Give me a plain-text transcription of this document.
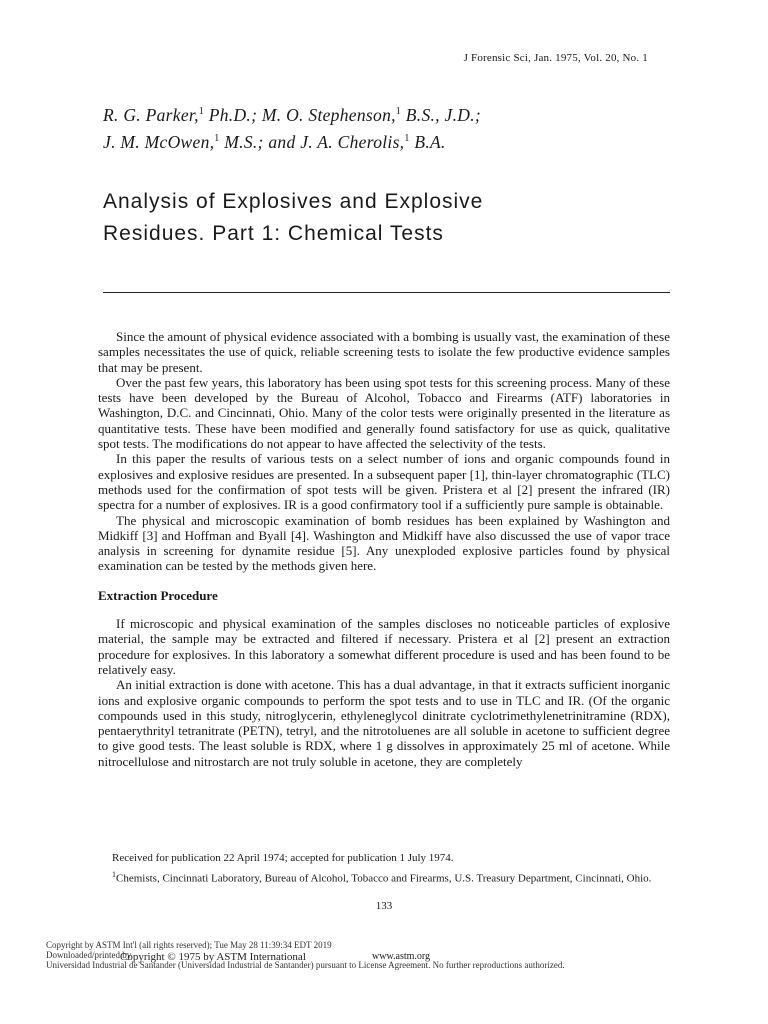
J Forensic Sci, Jan. 1975, Vol. 20, No. 1
R. G. Parker,$^1$ Ph.D.; M. O. Stephenson,$^1$ B.S., J.D.;
J. M. McOwen,$^1$ M.S.; and J. A. Cherolis,$^1$ B.A.
Analysis of Explosives and Explosive
Residues. Part 1: Chemical Tests

Since the amount of physical evidence associated with a bombing is usually vast, the examination of these samples necessitates the use of quick, reliable screening tests to isolate the few productive evidence samples that may be present.

Over the past few years, this laboratory has been using spot tests for this screening process. Many of these tests have been developed by the Bureau of Alcohol, Tobacco and Firearms (ATF) laboratories in Washington, D.C. and Cincinnati, Ohio. Many of the color tests were originally presented in the literature as quantitative tests. These have been modified and generally found satisfactory for use as quick, qualitative spot tests. The modifications do not appear to have affected the selectivity of the tests.

In this paper the results of various tests on a select number of ions and organic compounds found in explosives and explosive residues are presented. In a subsequent paper [1], thin-layer chromatographic (TLC) methods used for the confirmation of spot tests will be given. Pristera et al [2] present the infrared (IR) spectra for a number of explosives. IR is a good confirmatory tool if a sufficiently pure sample is obtainable.

The physical and microscopic examination of bomb residues has been explained by Washington and Midkiff [3] and Hoffman and Byall [4]. Washington and Midkiff have also discussed the use of vapor trace analysis in screening for dynamite residue [5]. Any unexploded explosive particles found by physical examination can be tested by the methods given here.

Extraction Procedure

If microscopic and physical examination of the samples discloses no noticeable particles of explosive material, the sample may be extracted and filtered if necessary. Pristera et al [2] present an extraction procedure for explosives. In this laboratory a somewhat different procedure is used and has been found to be relatively easy.

An initial extraction is done with acetone. This has a dual advantage, in that it extracts sufficient inorganic ions and explosive organic compounds to perform the spot tests and to use in TLC and IR. (Of the organic compounds used in this study, nitroglycerin, ethyleneglycol dinitrate cyclotrimethylenetrinitramine (RDX), pentaerythrityl tetranitrate (PETN), tetryl, and the nitrotoluenes are all soluble in acetone to sufficient degree to give good tests. The least soluble is RDX, where 1 g dissolves in approximately 25 ml of acetone. While nitrocellulose and nitrostarch are not truly soluble in acetone, they are completely

Received for publication 22 April 1974; accepted for publication 1 July 1974.

$^1$Chemists, Cincinnati Laboratory, Bureau of Alcohol, Tobacco and Firearms, U.S. Treasury Department, Cincinnati, Ohio.

133
Copyright by ASTM Int'l (all rights reserved); Tue May 28 11:39:34 EDT 2019
Downloaded/printed by
Universidad Industrial de Santander (Universidad Industrial de Santander) pursuant to License Agreement. No further reproductions authorized.
Copyright © 1975 by ASTM International	www.astm.org
